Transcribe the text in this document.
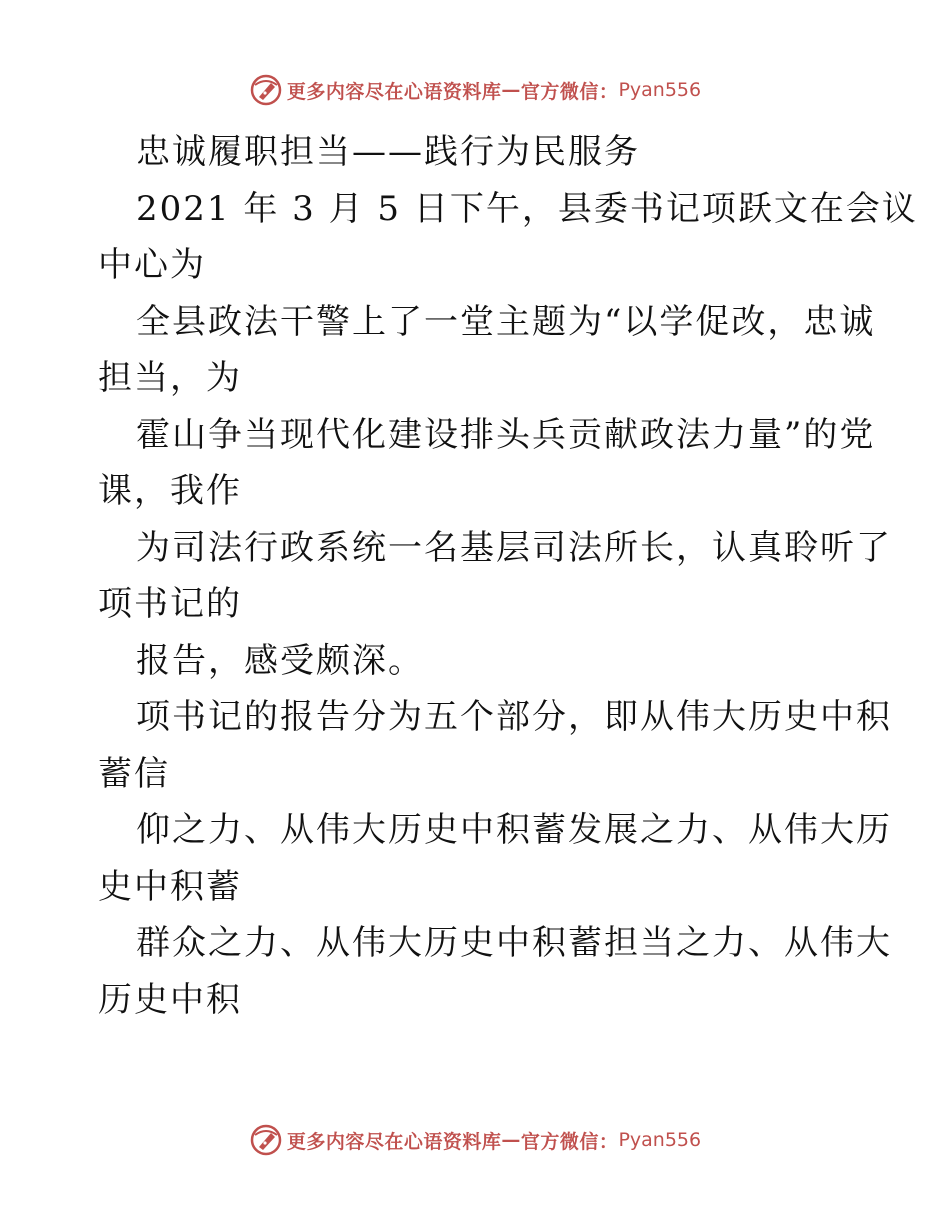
更多内容尽在心语资料库 — 官方微信： Pyan556
忠诚履职担当——践行为民服务
2021 年 3 月 5 日下午，县委书记项跃文在会议
中心为
全县政法干警上了一堂主题为“以学促改，忠诚
担当，为
霍山争当现代化建设排头兵贡献政法力量”的党
课，我作
为司法行政系统一名基层司法所长，认真聆听了
项书记的
报告，感受颇深。
项书记的报告分为五个部分，即从伟大历史中积
蓄信
仰之力、从伟大历史中积蓄发展之力、从伟大历
史中积蓄
群众之力、从伟大历史中积蓄担当之力、从伟大
历史中积
更多内容尽在心语资料库 — 官方微信： Pyan556
